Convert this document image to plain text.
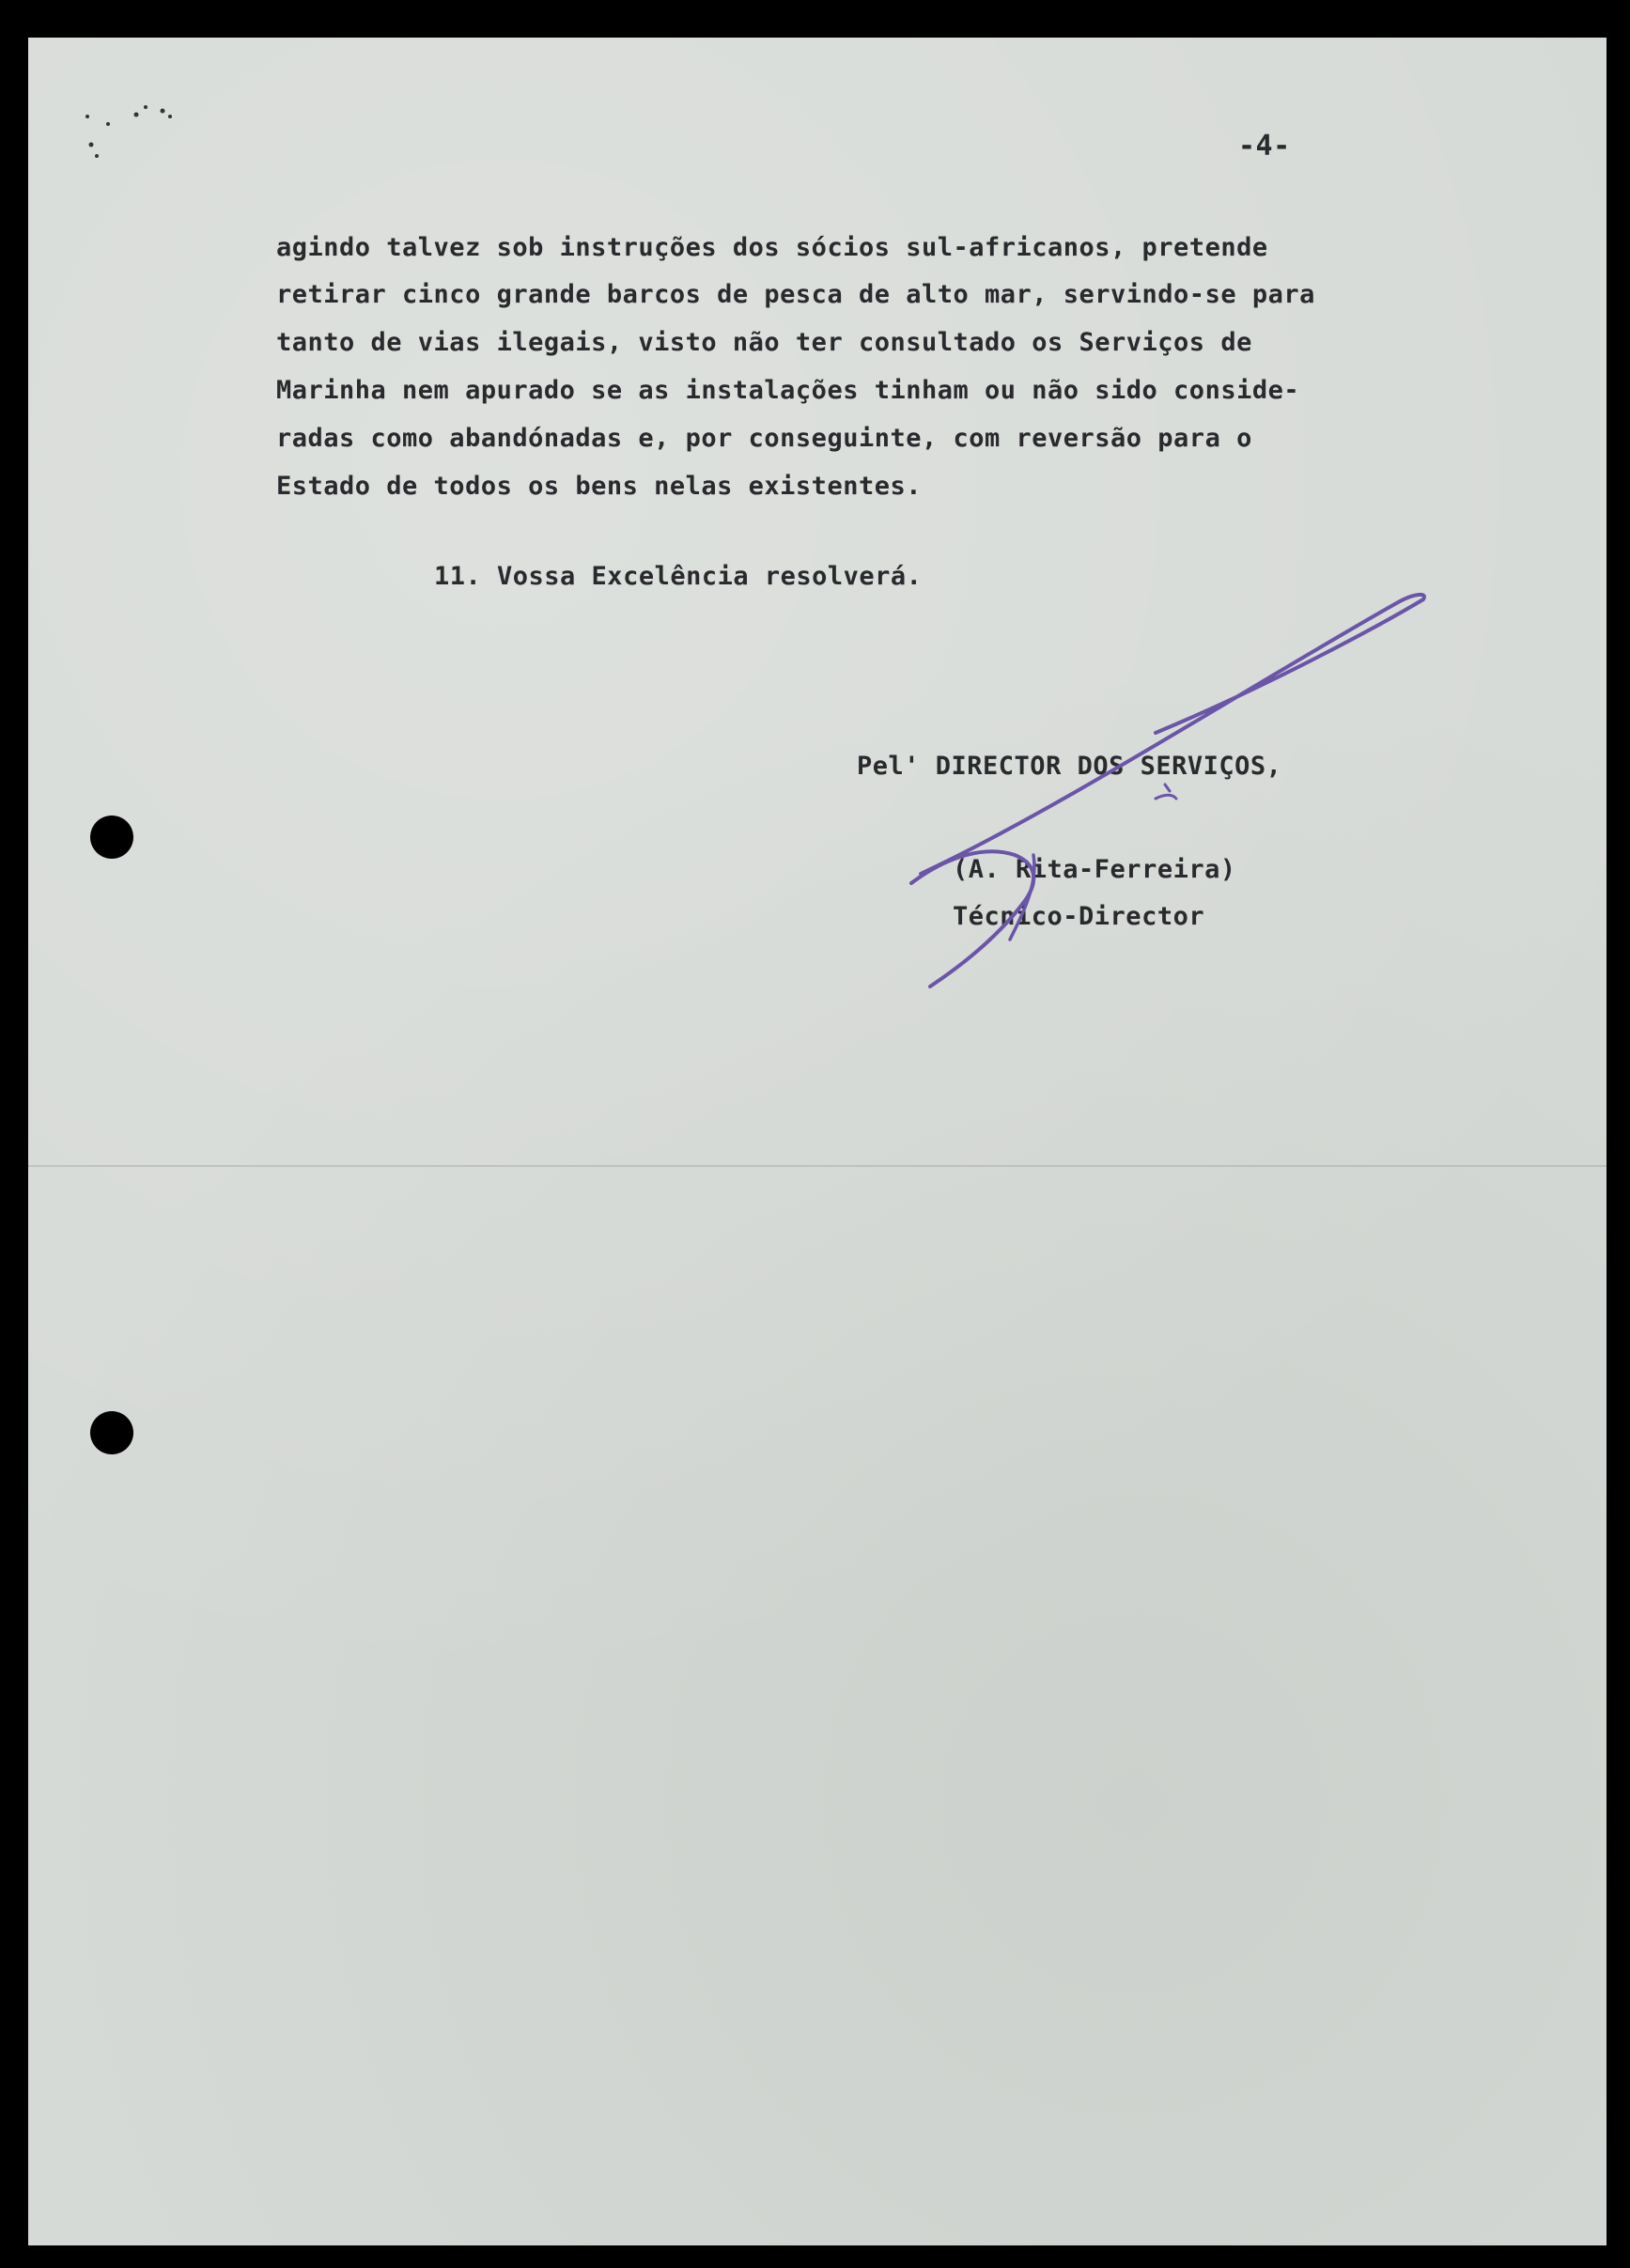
-4-
agindo talvez sob instruções dos sócios sul-africanos, pretende
retirar cinco grande barcos de pesca de alto mar, servindo-se para
tanto de vias ilegais, visto não ter consultado os Serviços de
Marinha nem apurado se as instalações tinham ou não sido conside-
radas como abandónadas e, por conseguinte, com reversão para o
Estado de todos os bens nelas existentes.
11. Vossa Excelência resolverá.
Pel' DIRECTOR DOS SERVIÇOS,
(A. Rita-Ferreira)
Técnico-Director
